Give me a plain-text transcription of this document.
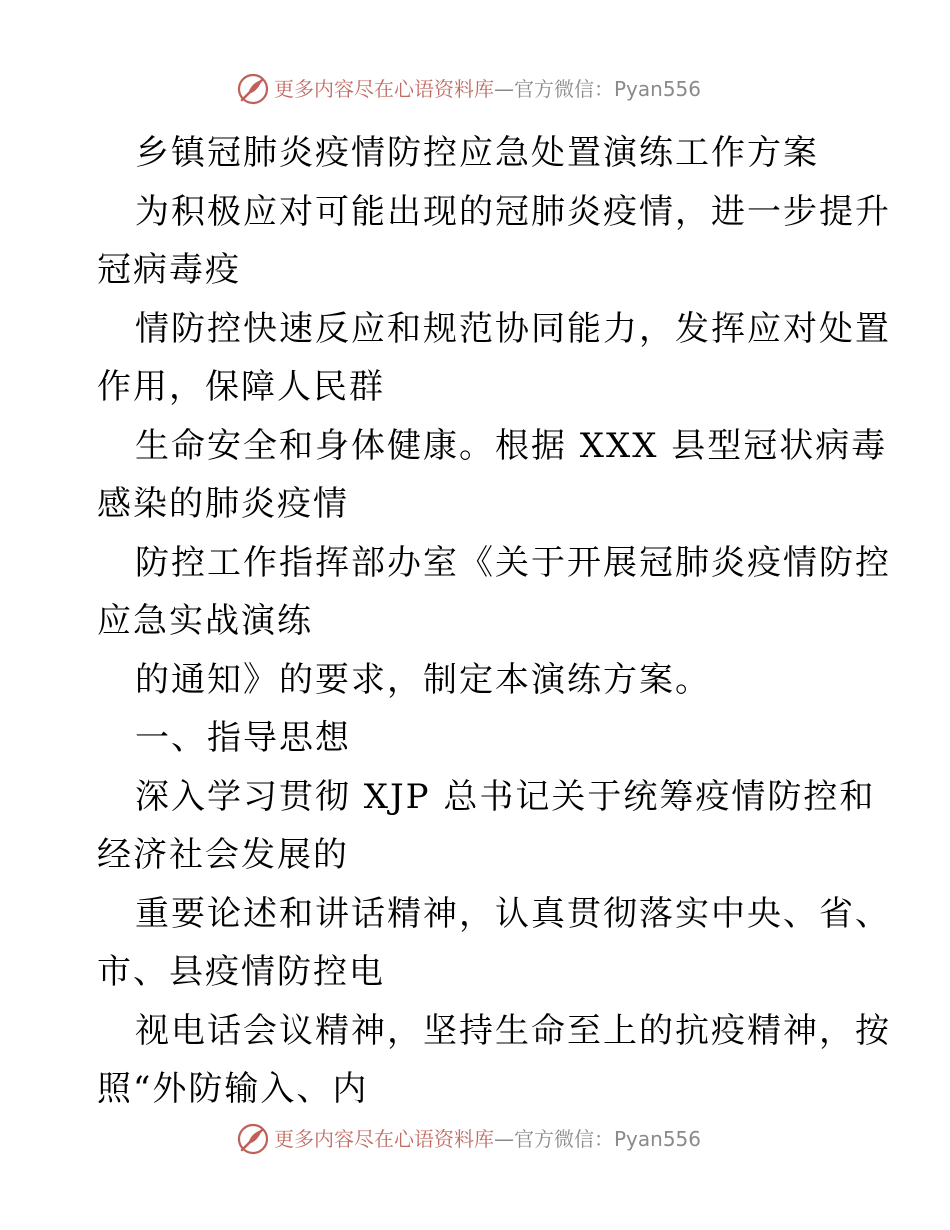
更多内容尽在心语资料库—官方微信：Pyan556
乡镇冠肺炎疫情防控应急处置演练工作方案
为积极应对可能出现的冠肺炎疫情，进一步提升
冠病毒疫
情防控快速反应和规范协同能力，发挥应对处置
作用，保障人民群
生命安全和身体健康。根据 XXX 县型冠状病毒
感染的肺炎疫情
防控工作指挥部办室《关于开展冠肺炎疫情防控
应急实战演练
的通知》的要求，制定本演练方案。
一、指导思想
深入学习贯彻 XJP 总书记关于统筹疫情防控和
经济社会发展的
重要论述和讲话精神，认真贯彻落实中央、省、
市、县疫情防控电
视电话会议精神，坚持生命至上的抗疫精神，按
照“外防输入、内
更多内容尽在心语资料库—官方微信：Pyan556
